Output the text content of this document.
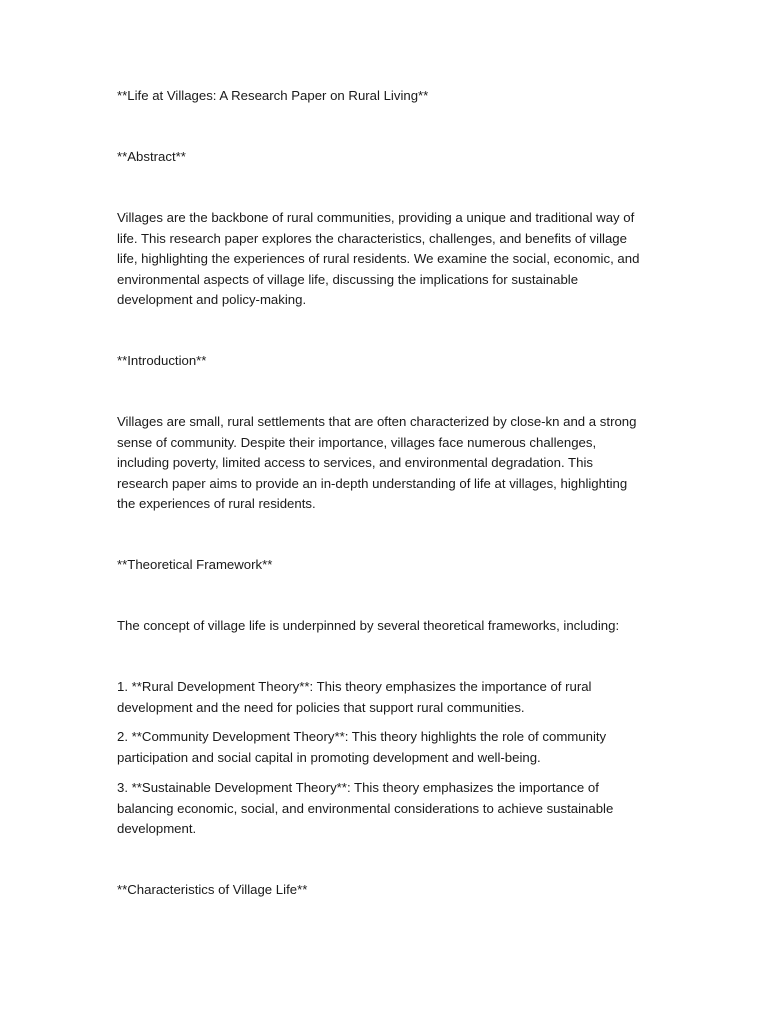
**Life at Villages: A Research Paper on Rural Living**
**Abstract**
Villages are the backbone of rural communities, providing a unique and traditional way of life. This research paper explores the characteristics, challenges, and benefits of village life, highlighting the experiences of rural residents. We examine the social, economic, and environmental aspects of village life, discussing the implications for sustainable development and policy-making.
**Introduction**
Villages are small, rural settlements that are often characterized by close-kn and a strong sense of community. Despite their importance, villages face numerous challenges, including poverty, limited access to services, and environmental degradation. This research paper aims to provide an in-depth understanding of life at villages, highlighting the experiences of rural residents.
**Theoretical Framework**
The concept of village life is underpinned by several theoretical frameworks, including:
1. **Rural Development Theory**: This theory emphasizes the importance of rural development and the need for policies that support rural communities.
2. **Community Development Theory**: This theory highlights the role of community participation and social capital in promoting development and well-being.
3. **Sustainable Development Theory**: This theory emphasizes the importance of balancing economic, social, and environmental considerations to achieve sustainable development.
**Characteristics of Village Life**
